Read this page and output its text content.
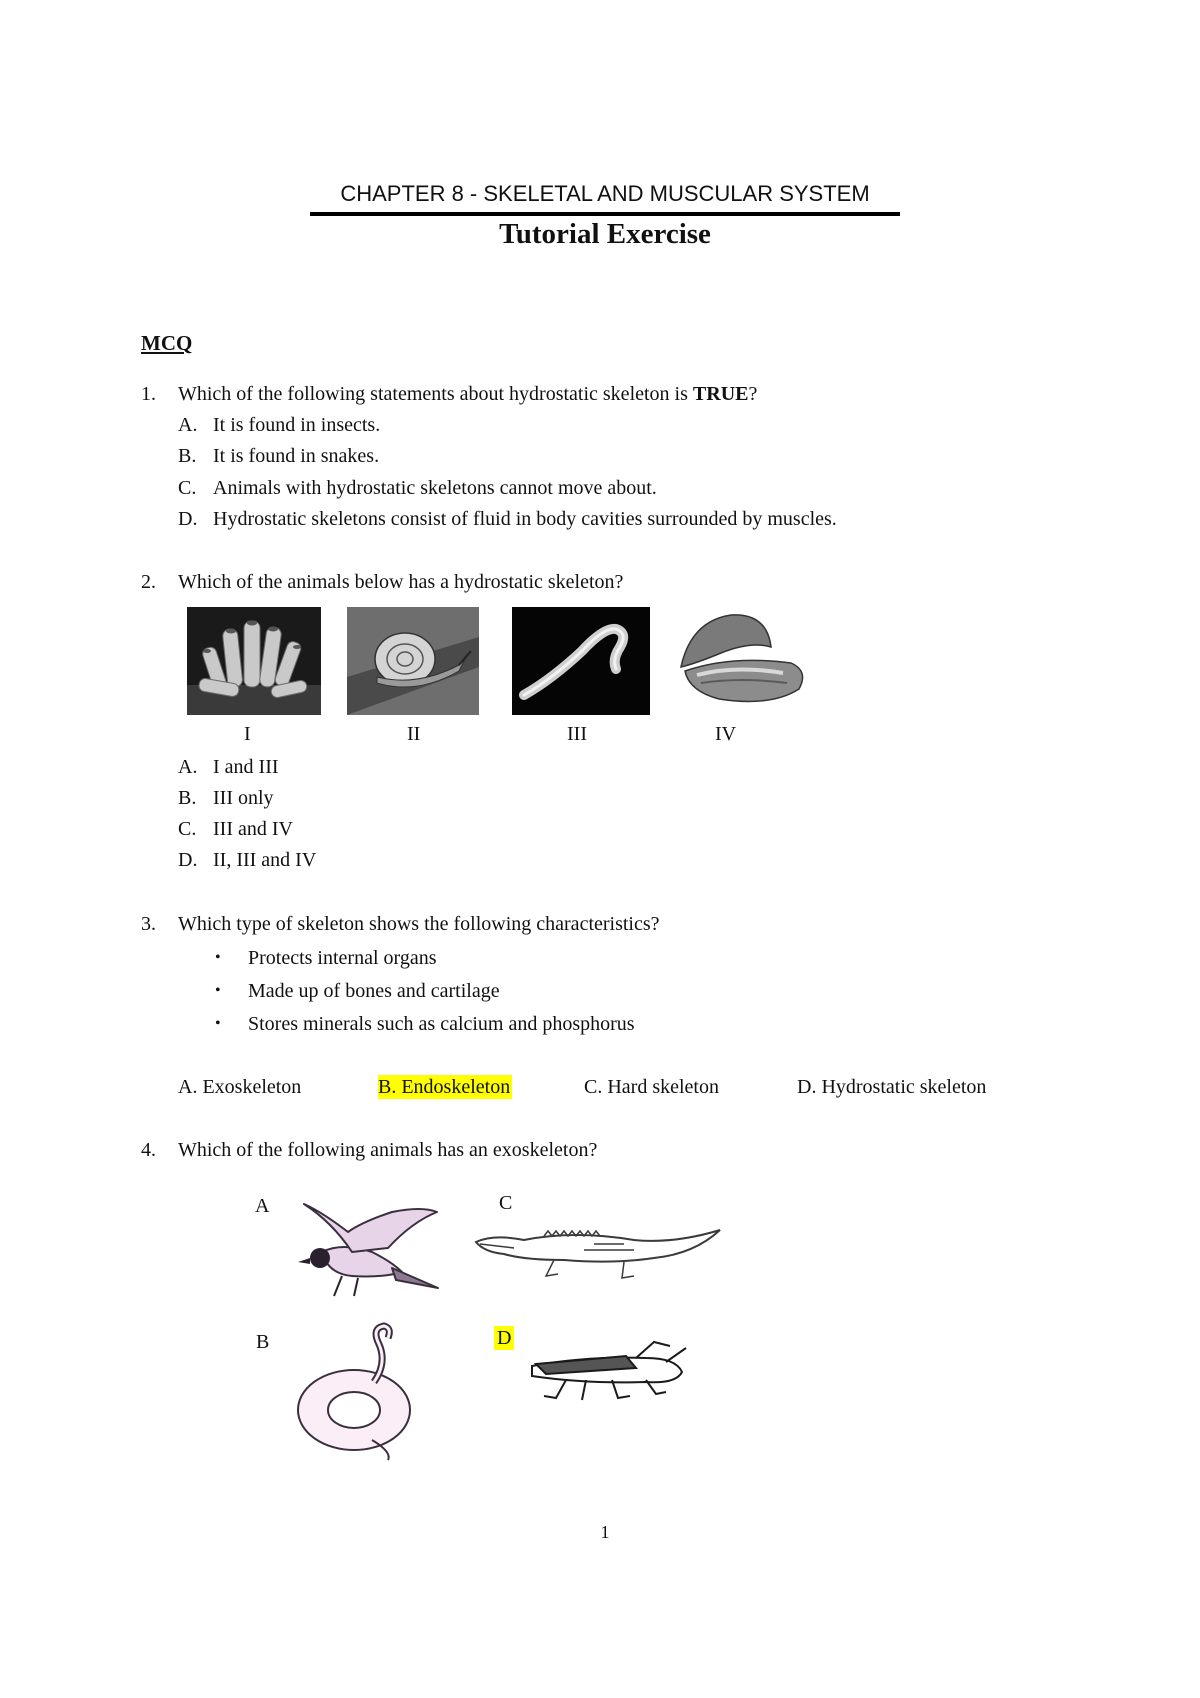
CHAPTER 8 - SKELETAL AND MUSCULAR SYSTEM
Tutorial Exercise
MCQ
1. Which of the following statements about hydrostatic skeleton is TRUE?
A. It is found in insects.
B. It is found in snakes.
C. Animals with hydrostatic skeletons cannot move about.
D. Hydrostatic skeletons consist of fluid in body cavities surrounded by muscles.
2. Which of the animals below has a hydrostatic skeleton?
I	II	III	IV
A. I and III
B. III only
C. III and IV
D. II, III and IV
3. Which type of skeleton shows the following characteristics?
• Protects internal organs
• Made up of bones and cartilage
• Stores minerals such as calcium and phosphorus
A. Exoskeleton	B. Endoskeleton	C. Hard skeleton	D. Hydrostatic skeleton
4. Which of the following animals has an exoskeleton?
A	C
B	D
1
